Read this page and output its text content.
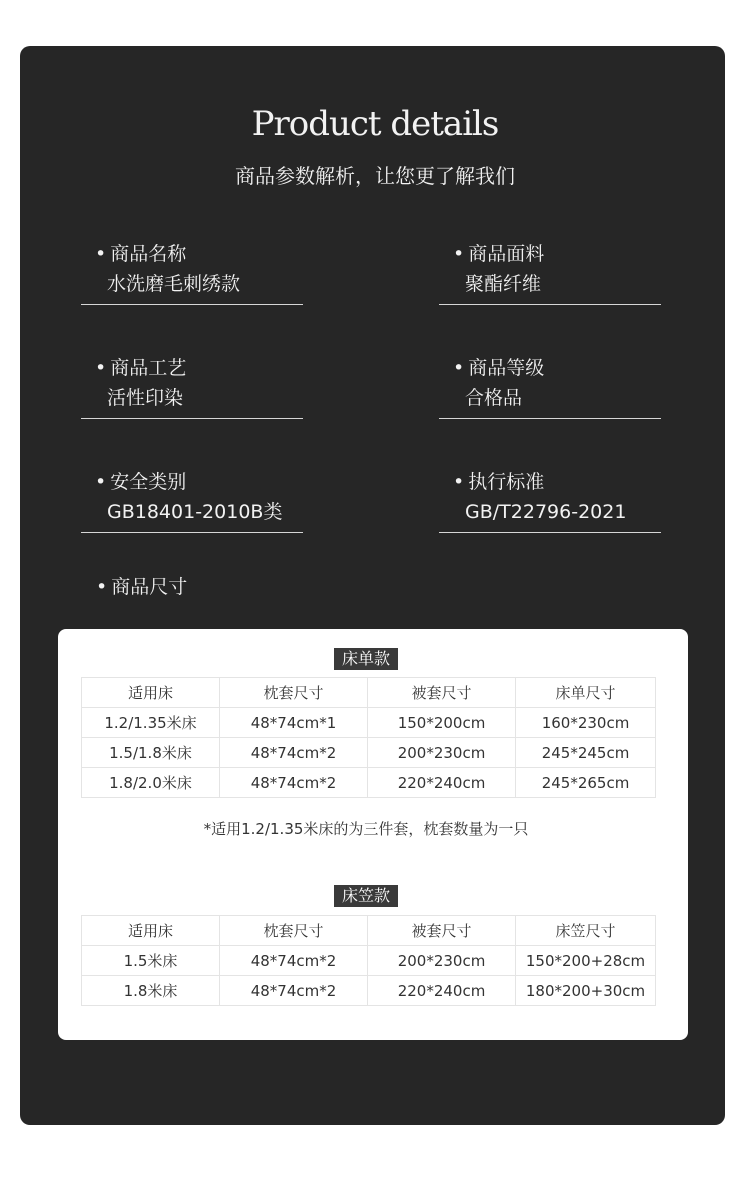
Product details
商品参数解析，让您更了解我们
• 商品名称
水洗磨毛刺绣款
• 商品面料
聚酯纤维
• 商品工艺
活性印染
• 商品等级
合格品
• 安全类别
GB18401-2010B类
• 执行标准
GB/T22796-2021
• 商品尺寸
床单款
适用床	枕套尺寸	被套尺寸	床单尺寸
1.2/1.35米床	48*74cm*1	150*200cm	160*230cm
1.5/1.8米床	48*74cm*2	200*230cm	245*245cm
1.8/2.0米床	48*74cm*2	220*240cm	245*265cm
*适用1.2/1.35米床的为三件套，枕套数量为一只
床笠款
适用床	枕套尺寸	被套尺寸	床笠尺寸
1.5米床	48*74cm*2	200*230cm	150*200+28cm
1.8米床	48*74cm*2	220*240cm	180*200+30cm
